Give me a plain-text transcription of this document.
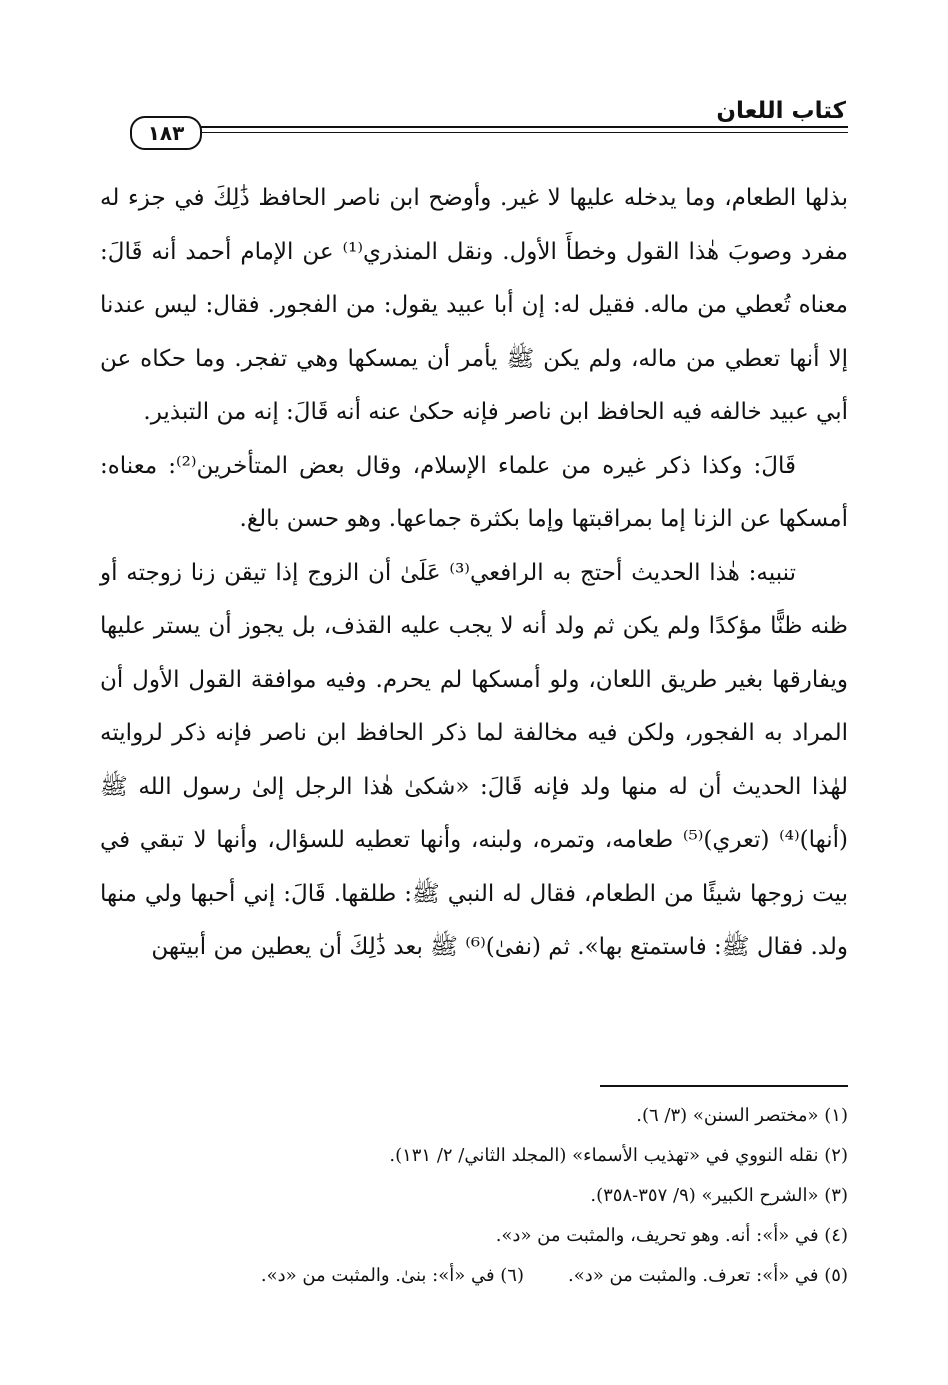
كتاب اللعان
١٨٣

بذلها الطعام، وما يدخله عليها لا غير. وأوضح ابن ناصر الحافظ ذَٰلِكَ في جزء له مفرد وصوبَ هٰذا القول وخطأَ الأول. ونقل المنذري⁽¹⁾ عن الإمام أحمد أنه قَالَ: معناه تُعطي من ماله. فقيل له: إن أبا عبيد يقول: من الفجور. فقال: ليس عندنا إلا أنها تعطي من ماله، ولم يكن ﷺ يأمر أن يمسكها وهي تفجر. وما حكاه عن أبي عبيد خالفه فيه الحافظ ابن ناصر فإنه حكىٰ عنه أنه قَالَ: إنه من التبذير.

قَالَ: وكذا ذكر غيره من علماء الإسلام، وقال بعض المتأخرين⁽²⁾: معناه: أمسكها عن الزنا إما بمراقبتها وإما بكثرة جماعها. وهو حسن بالغ.

تنبيه: هٰذا الحديث أحتج به الرافعي⁽³⁾ عَلَىٰ أن الزوج إذا تيقن زنا زوجته أو ظنه ظنًّا مؤكدًا ولم يكن ثم ولد أنه لا يجب عليه القذف، بل يجوز أن يستر عليها ويفارقها بغير طريق اللعان، ولو أمسكها لم يحرم. وفيه موافقة القول الأول أن المراد به الفجور، ولكن فيه مخالفة لما ذكر الحافظ ابن ناصر فإنه ذكر لروايته لهٰذا الحديث أن له منها ولد فإنه قَالَ: «شكىٰ هٰذا الرجل إلىٰ رسول الله ﷺ (أنها)⁽⁴⁾ (تعري)⁽⁵⁾ طعامه، وتمره، ولبنه، وأنها تعطيه للسؤال، وأنها لا تبقي في بيت زوجها شيئًا من الطعام، فقال له النبي ﷺ: طلقها. قَالَ: إني أحبها ولي منها ولد. فقال ﷺ: فاستمتع بها». ثم (نفىٰ)⁽⁶⁾ ﷺ بعد ذَٰلِكَ أن يعطين من أبيتهن

(١) «مختصر السنن» (٣/ ٦).

(٢) نقله النووي في «تهذيب الأسماء» (المجلد الثاني/ ٢/ ١٣١).

(٣) «الشرح الكبير» (٩/ ٣٥٧-٣٥٨).

(٤) في «أ»: أنه. وهو تحريف، والمثبت من «د».

(٥) في «أ»: تعرف. والمثبت من «د».(٦) في «أ»: بنىٰ. والمثبت من «د».
